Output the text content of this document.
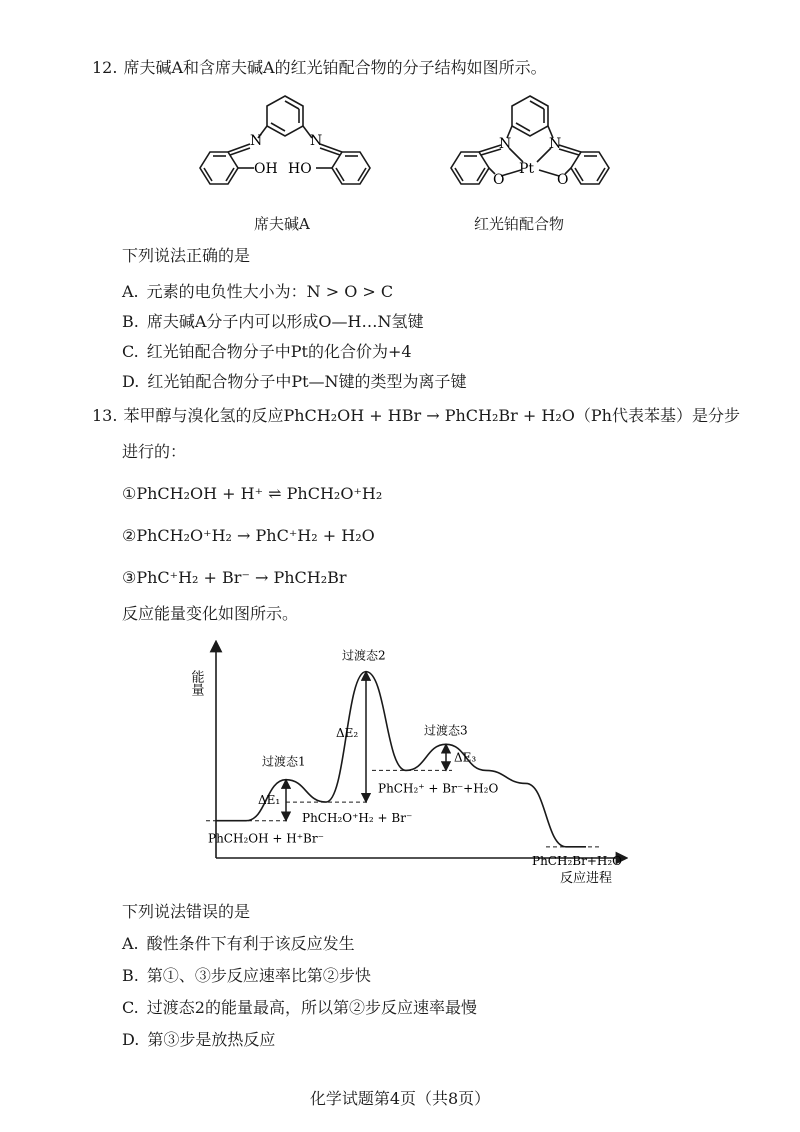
12. 席夫碱A和含席夫碱A的红光铂配合物的分子结构如图所示。
N	N
OH HO
席夫碱A
N	N
Pt
O	O
红光铂配合物
下列说法正确的是
A. 元素的电负性大小为：N > O > C
B. 席夫碱A分子内可以形成O—H…N氢键
C. 红光铂配合物分子中Pt的化合价为+4
D. 红光铂配合物分子中Pt—N键的类型为离子键
13. 苯甲醇与溴化氢的反应PhCH₂OH + HBr → PhCH₂Br + H₂O（Ph代表苯基）是分步
进行的：
①PhCH₂OH + H⁺ ⇌ PhCH₂O⁺H₂
②PhCH₂O⁺H₂ → PhC⁺H₂ + H₂O
③PhC⁺H₂ + Br⁻ → PhCH₂Br
反应能量变化如图所示。
能量
反应进程
PhCH₂OH + H⁺Br⁻
过渡态1
PhCH₂O⁺H₂ + Br⁻
过渡态2
PhCH₂⁺ + Br⁻+H₂O
过渡态3
PhCH₂Br+H₂O
ΔE₁
ΔE₂
ΔE₃
下列说法错误的是
A. 酸性条件下有利于该反应发生
B. 第①、③步反应速率比第②步快
C. 过渡态2的能量最高，所以第②步反应速率最慢
D. 第③步是放热反应
化学试题第4页（共8页）
